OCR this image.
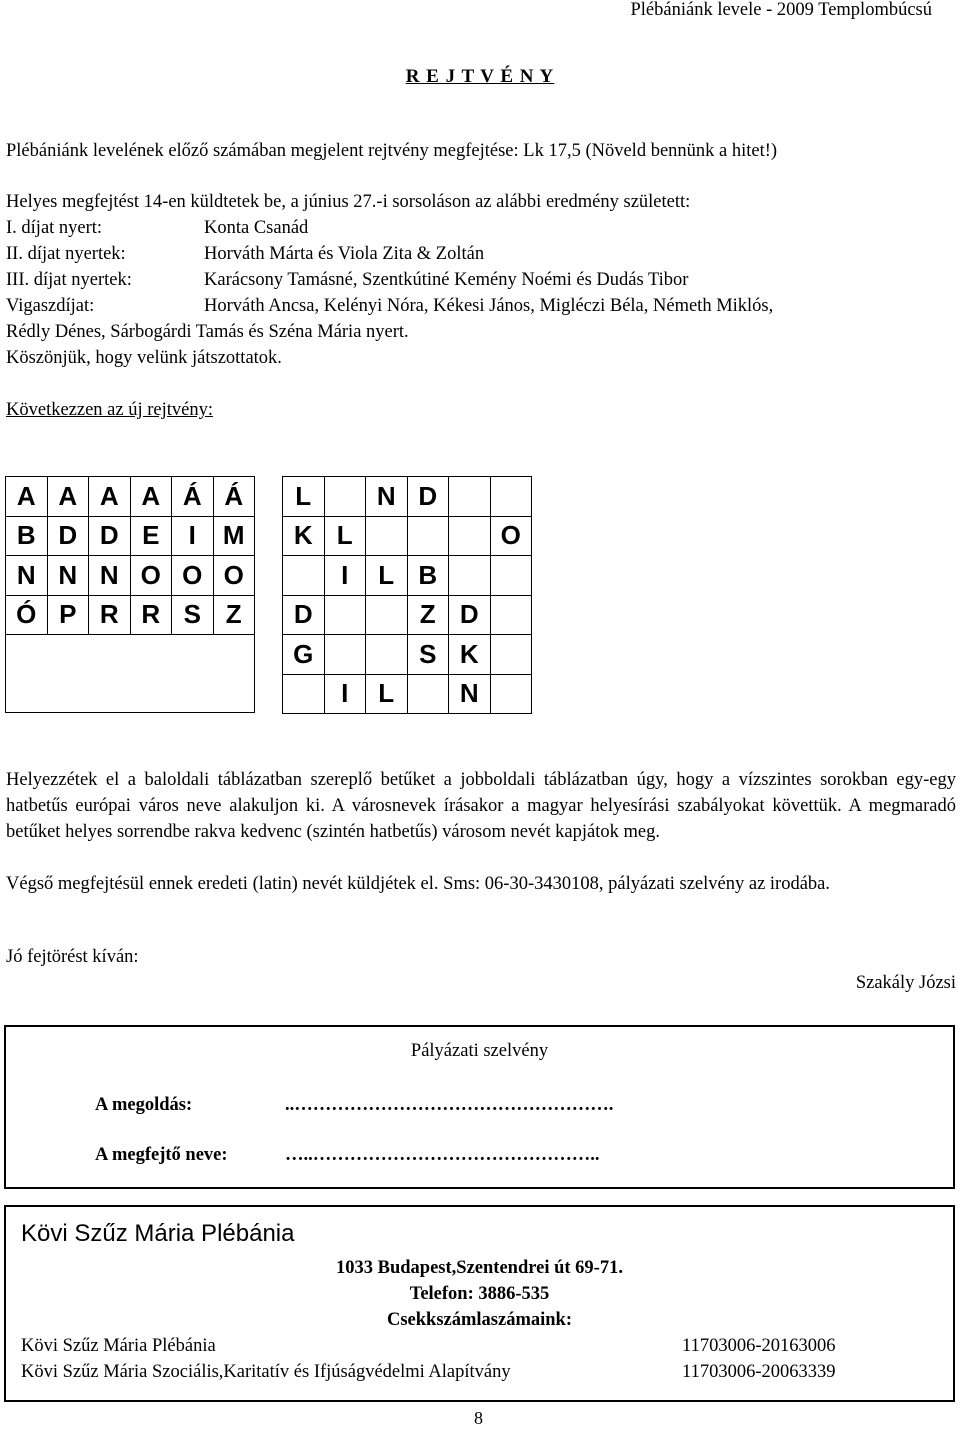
Plébániánk levele - 2009 Templombúcsú
R E J T V É N Y
Plébániánk levelének előző számában megjelent rejtvény megfejtése: Lk 17,5 (Növeld bennünk a hitet!)
Helyes megfejtést 14-en küldtetek be, a június 27.-i sorsoláson az alábbi eredmény született:
I. díjat nyert:	Konta Csanád
II. díjat nyertek:	Horváth Márta és Viola Zita & Zoltán
III. díjat nyertek:	Karácsony Tamásné, Szentkútiné Kemény Noémi és Dudás Tibor
Vigaszdíjat:	Horváth Ancsa, Kelényi Nóra, Kékesi János, Migléczi Béla, Németh Miklós,
Rédly Dénes, Sárbogárdi Tamás és Széna Mária nyert.
Köszönjük, hogy velünk játszottatok.
Következzen az új rejtvény:
A	A	A	A	Á	Á
B	D	D	E	I	M
N	N	N	O	O	O
Ó	P	R	R	S	Z

L		N	D		
K	L				O
	I	L	B		
D			Z	D	
G			S	K	
	I	L		N	
Helyezzétek el a baloldali táblázatban szereplő betűket a jobboldali táblázatban úgy, hogy a vízszintes sorokban egy-egy hatbetűs európai város neve alakuljon ki. A városnevek írásakor a magyar helyesírási szabályokat követtük. A megmaradó betűket helyes sorrendbe rakva kedvenc (szintén hatbetűs) városom nevét kapjátok meg.
Végső megfejtésül ennek eredeti (latin) nevét küldjétek el. Sms: 06-30-3430108, pályázati szelvény az irodába.
Jó fejtörést kíván:
Szakály Józsi
Pályázati szelvény
A megoldás:	..…………………………………………….
A megfejtő neve:	…..………………………………………..
Kövi Szűz Mária Plébánia
1033 Budapest,Szentendrei út 69-71.
Telefon: 3886-535
Csekkszámlaszámaink:
Kövi Szűz Mária Plébánia	11703006-20163006
Kövi Szűz Mária Szociális,Karitatív és Ifjúságvédelmi Alapítvány	11703006-20063339
8
